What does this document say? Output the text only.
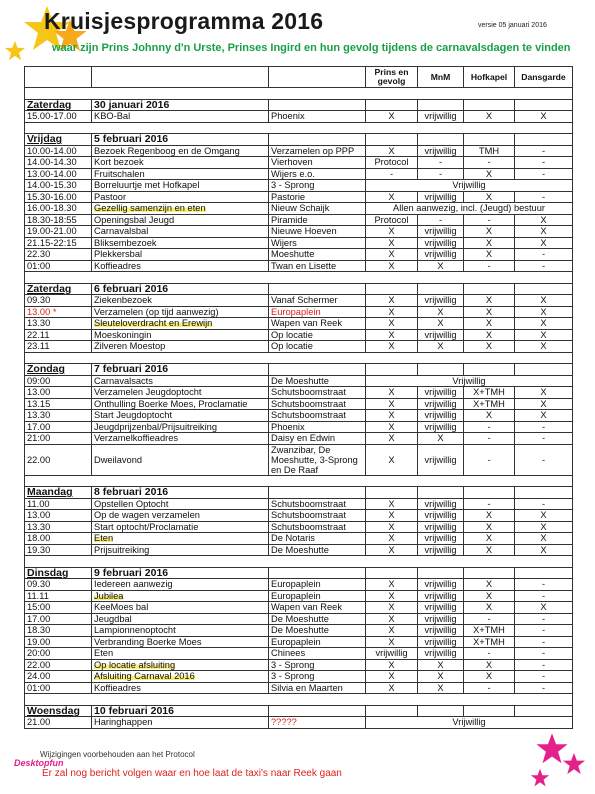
Kruisjesprogramma 2016	versie 05 januari 2016
waar zijn Prins Johnny d'n Urste, Prinses Ingird en hun gevolg tijdens de carnavalsdagen te vinden
			Prins en gevolg	MnM	Hofkapel	Dansgarde

Zaterdag	30 januari 2016					
15.00-17.00	KBO-Bal	Phoenix	X	vrijwillig	X	X

Vrijdag	5 februari 2016					
10.00-14.00	Bezoek Regenboog en de Omgang	Verzamelen op PPP	X	vrijwillig	TMH	-
14.00-14.30	Kort bezoek	Vierhoven	Protocol	-	-	-
13.00-14.00	Fruitschalen	Wijers e.o.	-	-	X	-
14.00-15.30	Borreluurtje met Hofkapel	3 - Sprong	Vrijwillig			
15.30-16.00	Pastoor	Pastorie	X	vrijwillig	X	-
16.00-18.30	Gezellig samenzijn en eten	Nieuw Schaijk	Allen aanwezig, incl. (Jeugd) bestuur			
18.30-18:55	Openingsbal Jeugd	Piramide	Protocol	-	-	X
19.00-21.00	Carnavalsbal	Nieuwe Hoeven	X	vrijwillig	X	X
21.15-22:15	Bliksembezoek	Wijers	X	vrijwillig	X	X
22.30	Plekkersbal	Moeshutte	X	vrijwillig	X	-
01:00	Koffieadres	Twan en Lisette	X	X	-	-

Zaterdag	6 februari 2016					
09.30	Ziekenbezoek	Vanaf Schermer	X	vrijwillig	X	X
13.00 *	Verzamelen (op tijd aanwezig)	Europaplein	X	X	X	X
13.30	Sleuteloverdracht en Erewijn	Wapen van Reek	X	X	X	X
22.11	Moeskoningin	Op locatie	X	vrijwillig	X	X
23.11	Zilveren Moestop	Op locatie	X	X	X	X

Zondag	7 februari 2016					
09:00	Carnavalsacts	De Moeshutte	Vrijwillig			
13.00	Verzamelen Jeugdoptocht	Schutsboomstraat	X	vrijwillig	X+TMH	X
13.15	Onthulling Boerke Moes, Proclamatie	Schutsboomstraat	X	vrijwillig	X+TMH	X
13.30	Start Jeugdoptocht	Schutsboomstraat	X	vrijwillig	X	X
17.00	Jeugdprijzenbal/Prijsuitreiking	Phoenix	X	vrijwillig	-	-
21:00	Verzamelkoffieadres	Daisy en Edwin	X	X	-	-
22.00	Dweilavond	Zwanzibar, De Moeshutte, 3-Sprong en De Raaf	X	vrijwillig	-	-

Maandag	8 februari 2016					
11.00	Opstellen Optocht	Schutsboomstraat	X	vrijwillig	-	-
13.00	Op de wagen verzamelen	Schutsboomstraat	X	vrijwillig	X	X
13.30	Start optocht/Proclamatie	Schutsboomstraat	X	vrijwillig	X	X
18.00	Eten	De Notaris	X	vrijwillig	X	X
19.30	Prijsuitreiking	De Moeshutte	X	vrijwillig	X	X

Dinsdag	9 februari 2016					
09.30	Iedereen aanwezig	Europaplein	X	vrijwillig	X	-
11.11	Jubilea	Europaplein	X	vrijwillig	X	-
15:00	KeeMoes bal	Wapen van Reek	X	vrijwillig	X	X
17.00	Jeugdbal	De Moeshutte	X	vrijwillig	-	-
18.30	Lampionnenoptocht	De Moeshutte	X	vrijwillig	X+TMH	-
19.00	Verbranding Boerke Moes	Europaplein	X	vrijwillig	X+TMH	-
20:00	Eten	Chinees	vrijwillig	vrijwillig	-	-
22.00	Op locatie afsluiting	3 - Sprong	X	X	X	-
24.00	Afsluiting Carnaval 2016	3 - Sprong	X	X	X	-
01:00	Koffieadres	Silvia en Maarten	X	X	-	-

Woensdag	10 februari 2016					
21.00	Haringhappen	?????	Vrijwillig			
Wijzigingen voorbehouden aan het Protocol
Desktopfun
Er zal nog bericht volgen waar en hoe laat de taxi's naar Reek gaan
